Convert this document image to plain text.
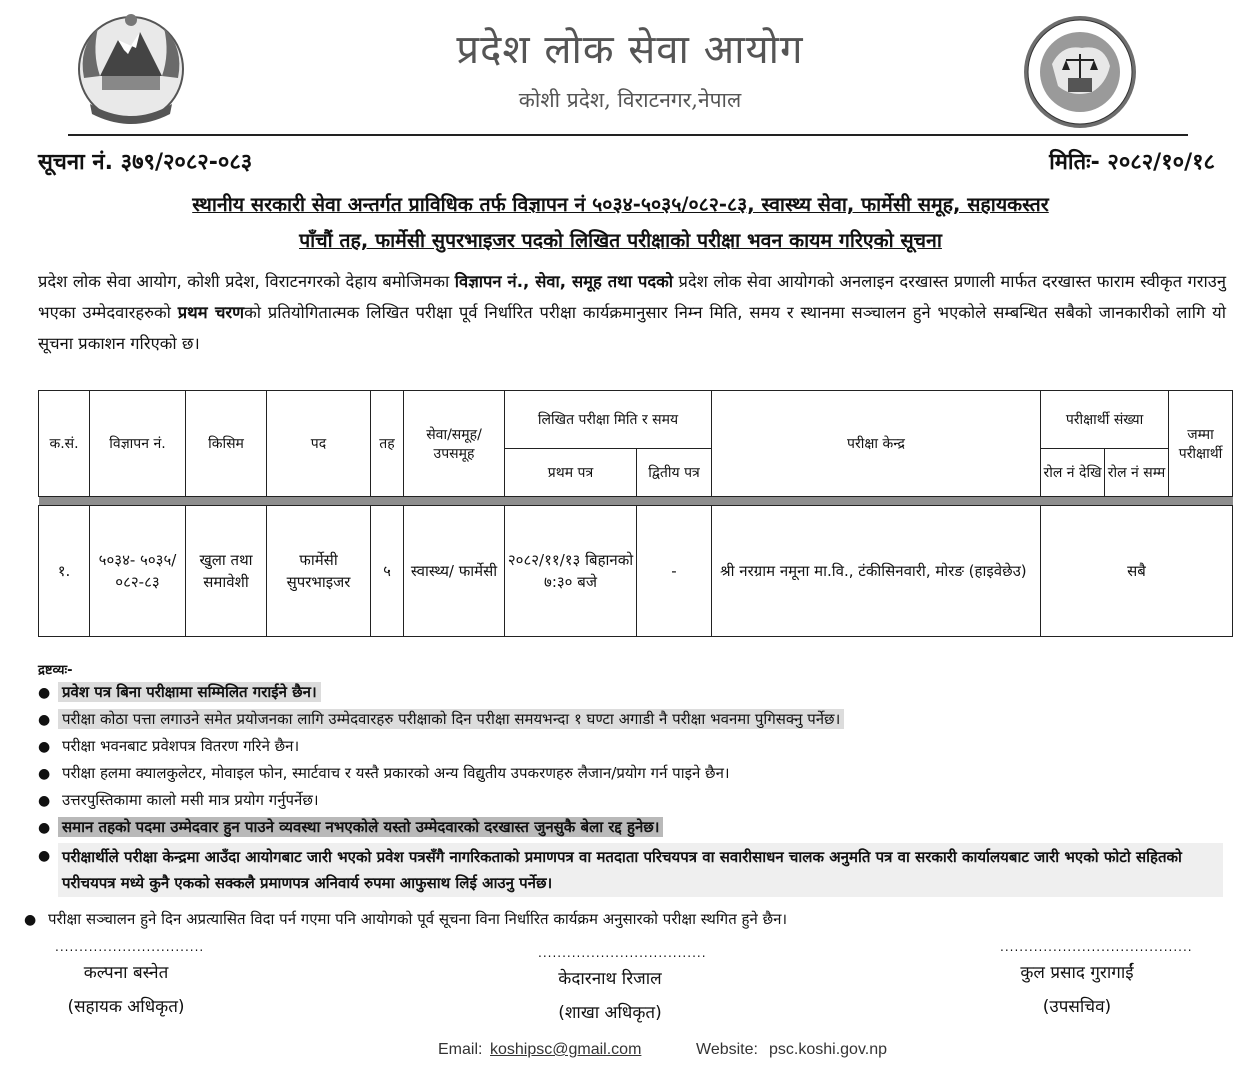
प्रदेश लोक सेवा आयोग
कोशी प्रदेश, विराटनगर,नेपाल
सूचना नं. ३७९/२०८२-०८३	मितिः- २०८२/१०/१८
स्थानीय सरकारी सेवा अन्तर्गत प्राविधिक तर्फ विज्ञापन नं ५०३४-५०३५/०८२-८३, स्वास्थ्य सेवा, फार्मेसी समूह, सहायकस्तर
पाँचौं तह, फार्मेसी सुपरभाइजर पदको लिखित परीक्षाको परीक्षा भवन कायम गरिएको सूचना

प्रदेश लोक सेवा आयोग, कोशी प्रदेश, विराटनगरको देहाय बमोजिमका विज्ञापन नं., सेवा, समूह तथा पदको प्रदेश लोक सेवा आयोगको अनलाइन दरखास्त प्रणाली मार्फत दरखास्त फाराम स्वीकृत गराउनु भएका उम्मेदवारहरुको प्रथम चरणको प्रतियोगितात्मक लिखित परीक्षा पूर्व निर्धारित परीक्षा कार्यक्रमानुसार निम्न मिति, समय र स्थानमा सञ्चालन हुने भएकोले सम्बन्धित सबैको जानकारीको लागि यो सूचना प्रकाशन गरिएको छ।

क.सं.	विज्ञापन नं.	किसिम	पद	तह	सेवा/समूह/ उपसमूह	लिखित परीक्षा मिति र समय		परीक्षा केन्द्र	परीक्षार्थी संख्या		जम्मा परीक्षार्थी
						प्रथम पत्र	द्वितीय पत्र		रोल नं देखि	रोल नं सम्म	

१.	५०३४- ५०३५/ ०८२-८३	खुला तथा समावेशी	फार्मेसी सुपरभाइजर	५	स्वास्थ्य/ फार्मेसी	२०८२/११/१३ बिहानको ७:३० बजे	-	श्री नरग्राम नमूना मा.वि., टंकीसिनवारी, मोरङ (हाइवेछेउ)	सबै		
द्रष्टव्यः-
● प्रवेश पत्र बिना परीक्षामा सम्मिलित गराईने छैन।
● परीक्षा कोठा पत्ता लगाउने समेत प्रयोजनका लागि उम्मेदवारहरु परीक्षाको दिन परीक्षा समयभन्दा १ घण्टा अगाडी नै परीक्षा भवनमा पुगिसक्नु पर्नेछ।
● परीक्षा भवनबाट प्रवेशपत्र वितरण गरिने छैन।
● परीक्षा हलमा क्यालकुलेटर, मोवाइल फोन, स्मार्टवाच र यस्तै प्रकारको अन्य विद्युतीय उपकरणहरु लैजान/प्रयोग गर्न पाइने छैन।
● उत्तरपुस्तिकामा कालो मसी मात्र प्रयोग गर्नुपर्नेछ।
● समान तहको पदमा उम्मेदवार हुन पाउने व्यवस्था नभएकोले यस्तो उम्मेदवारको दरखास्त जुनसुकै बेला रद्द हुनेछ।
● परीक्षार्थीले परीक्षा केन्द्रमा आउँदा आयोगबाट जारी भएको प्रवेश पत्रसँगै नागरिकताको प्रमाणपत्र वा मतदाता परिचयपत्र वा सवारीसाधन चालक अनुमति पत्र वा सरकारी कार्यालयबाट जारी भएको फोटो सहितको परीचयपत्र मध्ये कुनै एकको सक्कलै प्रमाणपत्र अनिवार्य रुपमा आफुसाथ लिई आउनु पर्नेछ।
● परीक्षा सञ्चालन हुने दिन अप्रत्यासित विदा पर्न गएमा पनि आयोगको पूर्व सूचना विना निर्धारित कार्यक्रम अनुसारको परीक्षा स्थगित हुने छैन।
...............................
कल्पना बस्नेत
(सहायक अधिकृत)
...................................
केदारनाथ रिजाल
(शाखा अधिकृत)
........................................
कुल प्रसाद गुरागाईं
(उपसचिव)
Email: koshipsc@gmail.com	Website: psc.koshi.gov.np
